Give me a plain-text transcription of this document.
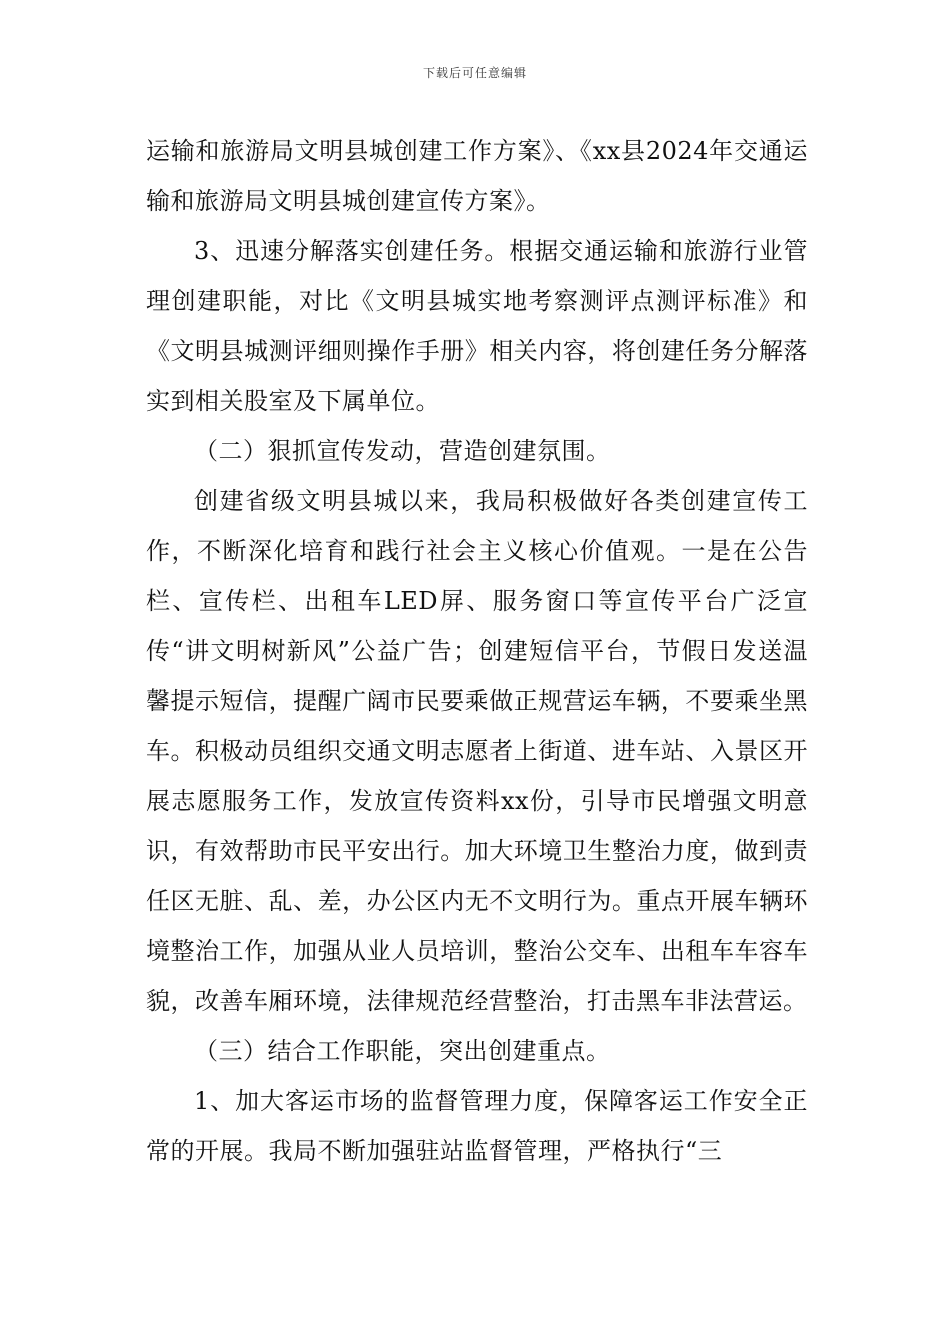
下载后可任意编辑

运输和旅游局文明县城创建工作方案》、《xx县2024年交通运输和旅游局文明县城创建宣传方案》。

3、迅速分解落实创建任务。根据交通运输和旅游行业管理创建职能，对比《文明县城实地考察测评点测评标准》和《文明县城测评细则操作手册》相关内容，将创建任务分解落实到相关股室及下属单位。

（二）狠抓宣传发动，营造创建氛围。

创建省级文明县城以来，我局积极做好各类创建宣传工作，不断深化培育和践行社会主义核心价值观。一是在公告栏、宣传栏、出租车LED屏、服务窗口等宣传平台广泛宣传“讲文明树新风”公益广告；创建短信平台，节假日发送温馨提示短信，提醒广阔市民要乘做正规营运车辆，不要乘坐黑车。积极动员组织交通文明志愿者上街道、进车站、入景区开展志愿服务工作，发放宣传资料xx份，引导市民增强文明意识，有效帮助市民平安出行。加大环境卫生整治力度，做到责任区无脏、乱、差，办公区内无不文明行为。重点开展车辆环境整治工作，加强从业人员培训，整治公交车、出租车车容车貌，改善车厢环境，法律规范经营整治，打击黑车非法营运。

（三）结合工作职能，突出创建重点。

1、加大客运市场的监督管理力度，保障客运工作安全正常的开展。我局不断加强驻站监督管理，严格执行“三
